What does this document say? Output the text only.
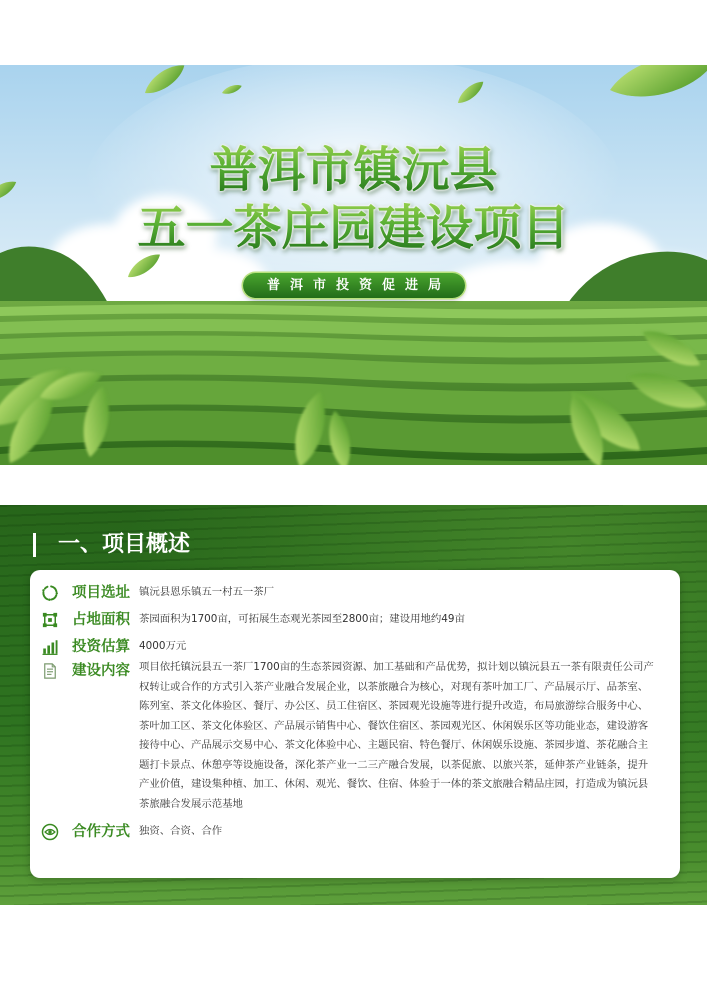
普洱市镇沅县
五一茶庄园建设项目
普洱市投资促进局
一、项目概述
项目选址 镇沅县恩乐镇五一村五一茶厂
占地面积 茶园面积为1700亩，可拓展生态观光茶园至2800亩；建设用地约49亩
投资估算 4000万元
建设内容 项目依托镇沅县五一茶厂1700亩的生态茶园资源、加工基础和产品优势，拟计划以镇沅县五一茶有限责任公司产
权转让或合作的方式引入茶产业融合发展企业，以茶旅融合为核心，对现有茶叶加工厂、产品展示厅、品茶室、
陈列室、茶文化体验区、餐厅、办公区、员工住宿区、茶园观光设施等进行提升改造，布局旅游综合服务中心、
茶叶加工区、茶文化体验区、产品展示销售中心、餐饮住宿区、茶园观光区、休闲娱乐区等功能业态，建设游客
接待中心、产品展示交易中心、茶文化体验中心、主题民宿、特色餐厅、休闲娱乐设施、茶园步道、茶花融合主
题打卡景点、休憩亭等设施设备，深化茶产业一二三产融合发展，以茶促旅、以旅兴茶，延伸茶产业链条，提升
产业价值，建设集种植、加工、休闲、观光、餐饮、住宿、体验于一体的茶文旅融合精品庄园，打造成为镇沅县
茶旅融合发展示范基地
合作方式 独资、合资、合作
